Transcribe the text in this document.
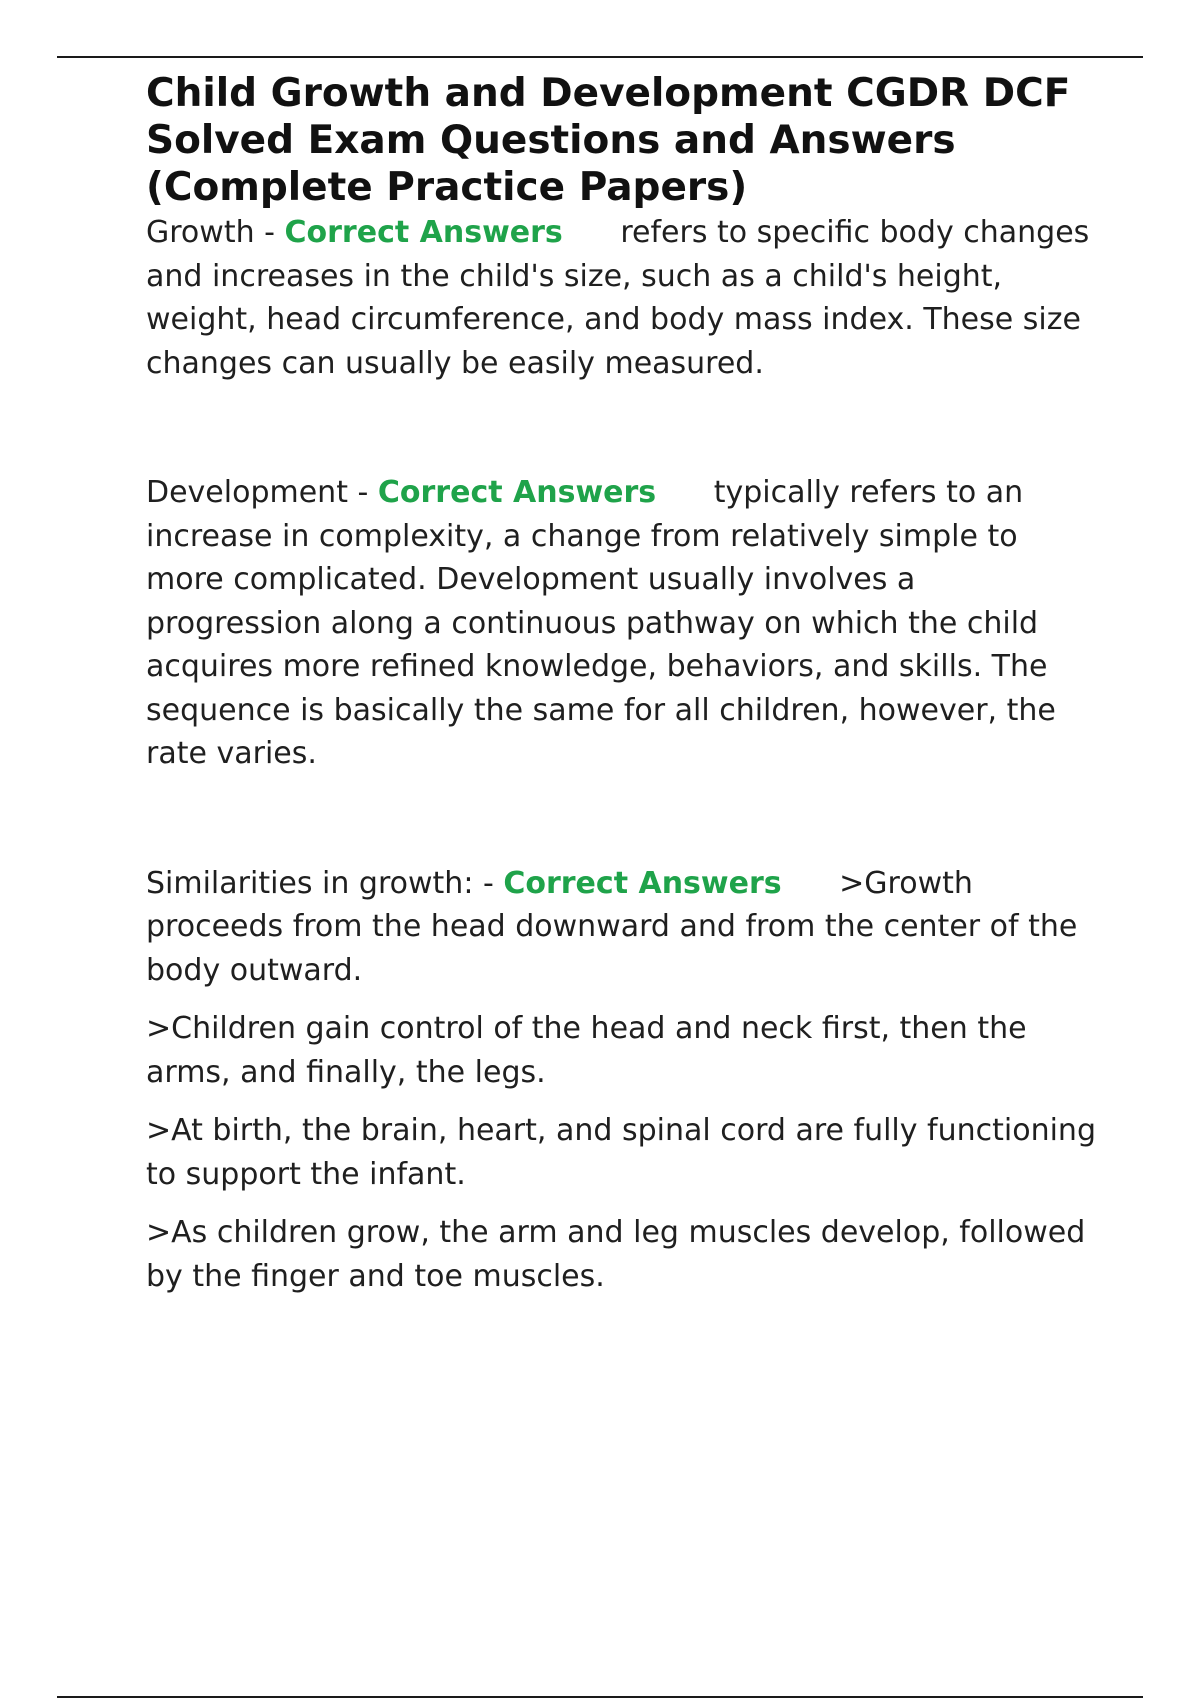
Child Growth and Development CGDR DCF Solved Exam Questions and Answers (Complete Practice Papers)

Growth - Correct Answers refers to specific body changes and increases in the child's size, such as a child's height, weight, head circumference, and body mass index. These size changes can usually be easily measured.

Development - Correct Answers typically refers to an increase in complexity, a change from relatively simple to more complicated. Development usually involves a progression along a continuous pathway on which the child acquires more refined knowledge, behaviors, and skills. The sequence is basically the same for all children, however, the rate varies.

Similarities in growth: - Correct Answers >Growth proceeds from the head downward and from the center of the body outward.

>Children gain control of the head and neck first, then the arms, and finally, the legs.

>At birth, the brain, heart, and spinal cord are fully functioning to support the infant.

>As children grow, the arm and leg muscles develop, followed by the finger and toe muscles.
